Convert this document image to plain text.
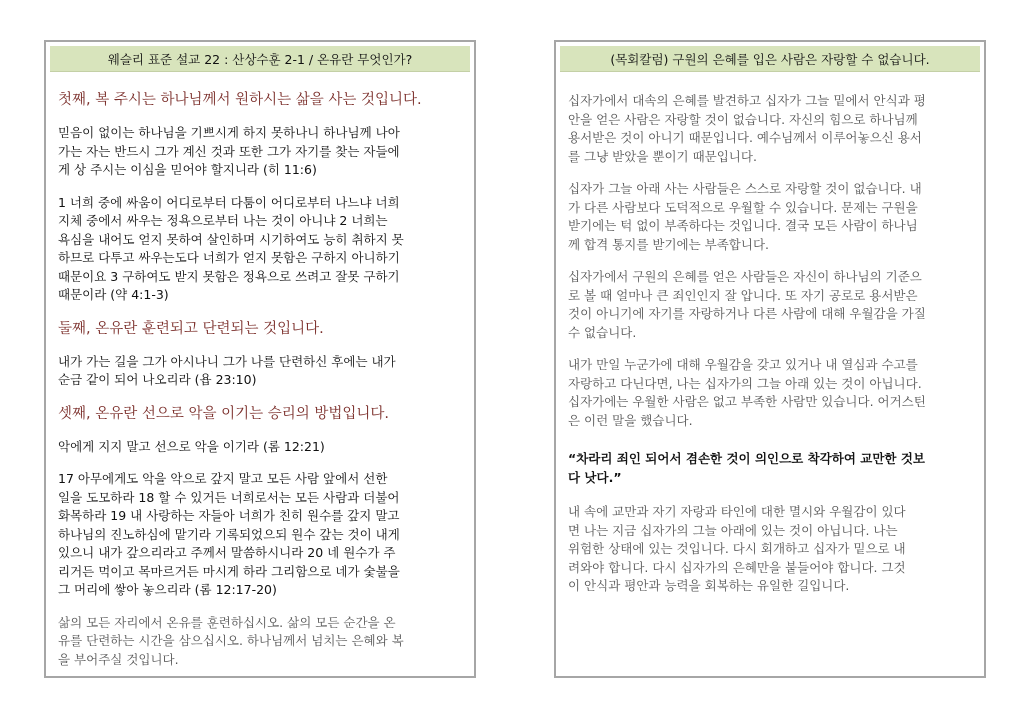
웨슬리 표준 설교 22 : 산상수훈 2-1 / 온유란 무엇인가?

첫째, 복 주시는 하나님께서 원하시는 삶을 사는 것입니다.

믿음이 없이는 하나님을 기쁘시게 하지 못하나니 하나님께 나아
가는 자는 반드시 그가 계신 것과 또한 그가 자기를 찾는 자들에
게 상 주시는 이심을 믿어야 할지니라 (히 11:6)

1 너희 중에 싸움이 어디로부터 다툼이 어디로부터 나느냐 너희
지체 중에서 싸우는 정욕으로부터 나는 것이 아니냐 2 너희는
욕심을 내어도 얻지 못하여 살인하며 시기하여도 능히 취하지 못
하므로 다투고 싸우는도다 너희가 얻지 못함은 구하지 아니하기
때문이요 3 구하여도 받지 못함은 정욕으로 쓰려고 잘못 구하기
때문이라 (약 4:1-3)

둘째, 온유란 훈련되고 단련되는 것입니다.

내가 가는 길을 그가 아시나니 그가 나를 단련하신 후에는 내가
순금 같이 되어 나오리라 (욥 23:10)

셋째, 온유란 선으로 악을 이기는 승리의 방법입니다.

악에게 지지 말고 선으로 악을 이기라 (롬 12:21)

17 아무에게도 악을 악으로 갚지 말고 모든 사람 앞에서 선한
일을 도모하라 18 할 수 있거든 너희로서는 모든 사람과 더불어
화목하라 19 내 사랑하는 자들아 너희가 친히 원수를 갚지 말고
하나님의 진노하심에 맡기라 기록되었으되 원수 갚는 것이 내게
있으니 내가 갚으리라고 주께서 말씀하시니라 20 네 원수가 주
리거든 먹이고 목마르거든 마시게 하라 그리함으로 네가 숯불을
그 머리에 쌓아 놓으리라 (롬 12:17-20)

삶의 모든 자리에서 온유를 훈련하십시오. 삶의 모든 순간을 온
유를 단련하는 시간을 삼으십시오. 하나님께서 넘치는 은혜와 복
을 부어주실 것입니다.

(목회칼럼) 구원의 은혜를 입은 사람은 자랑할 수 없습니다.

십자가에서 대속의 은혜를 발견하고 십자가 그늘 밑에서 안식과 평
안을 얻은 사람은 자랑할 것이 없습니다. 자신의 힘으로 하나님께
용서받은 것이 아니기 때문입니다. 예수님께서 이루어놓으신 용서
를 그냥 받았을 뿐이기 때문입니다.

십자가 그늘 아래 사는 사람들은 스스로 자랑할 것이 없습니다. 내
가 다른 사람보다 도덕적으로 우월할 수 있습니다. 문제는 구원을
받기에는 턱 없이 부족하다는 것입니다. 결국 모든 사람이 하나님
께 합격 통지를 받기에는 부족합니다.

십자가에서 구원의 은혜를 얻은 사람들은 자신이 하나님의 기준으
로 볼 때 얼마나 큰 죄인인지 잘 압니다. 또 자기 공로로 용서받은
것이 아니기에 자기를 자랑하거나 다른 사람에 대해 우월감을 가질
수 없습니다.

내가 만일 누군가에 대해 우월감을 갖고 있거나 내 열심과 수고를
자랑하고 다닌다면, 나는 십자가의 그늘 아래 있는 것이 아닙니다.
십자가에는 우월한 사람은 없고 부족한 사람만 있습니다. 어거스틴
은 이런 말을 했습니다.

“차라리 죄인 되어서 겸손한 것이 의인으로 착각하여 교만한 것보
다 낫다.”

내 속에 교만과 자기 자랑과 타인에 대한 멸시와 우월감이 있다
면 나는 지금 십자가의 그늘 아래에 있는 것이 아닙니다. 나는
위험한 상태에 있는 것입니다. 다시 회개하고 십자가 밑으로 내
려와야 합니다. 다시 십자가의 은혜만을 붙들어야 합니다. 그것
이 안식과 평안과 능력을 회복하는 유일한 길입니다.
